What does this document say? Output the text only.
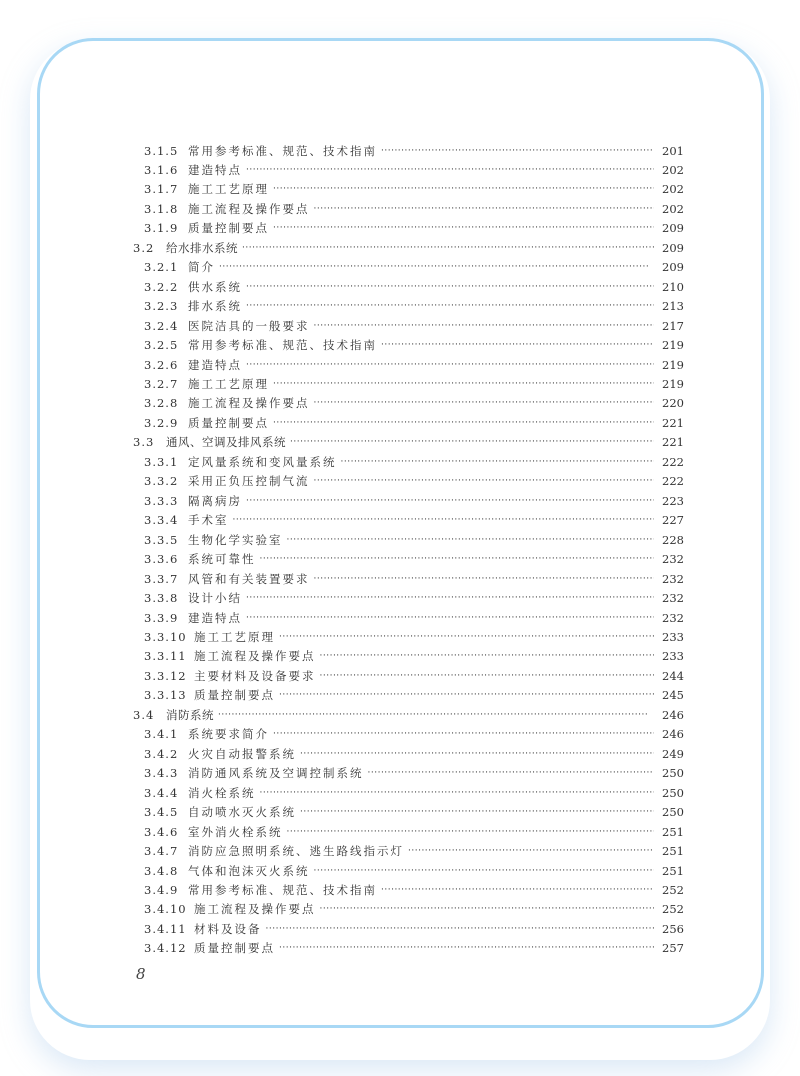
3.1.5 常用参考标准、规范、技术指南 ·····	201
3.1.6 建造特点 ·····	202
3.1.7 施工工艺原理 ·····	202
3.1.8 施工流程及操作要点 ·····	202
3.1.9 质量控制要点 ·····	209
3.2	给水排水系统 ·····	209
3.2.1 简介 ·····	209
3.2.2 供水系统 ·····	210
3.2.3 排水系统 ·····	213
3.2.4 医院洁具的一般要求 ·····	217
3.2.5 常用参考标准、规范、技术指南 ·····	219
3.2.6 建造特点 ·····	219
3.2.7 施工工艺原理 ·····	219
3.2.8 施工流程及操作要点 ·····	220
3.2.9 质量控制要点 ·····	221
3.3	通风、空调及排风系统 ·····	221
3.3.1 定风量系统和变风量系统 ·····	222
3.3.2 采用正负压控制气流 ·····	222
3.3.3 隔离病房 ·····	223
3.3.4 手术室 ·····	227
3.3.5 生物化学实验室 ·····	228
3.3.6 系统可靠性 ·····	232
3.3.7 风管和有关装置要求 ·····	232
3.3.8 设计小结 ·····	232
3.3.9 建造特点 ·····	232
3.3.10 施工工艺原理 ·····	233
3.3.11 施工流程及操作要点 ·····	233
3.3.12 主要材料及设备要求 ·····	244
3.3.13 质量控制要点 ·····	245
3.4	消防系统 ·····	246
3.4.1 系统要求简介 ·····	246
3.4.2 火灾自动报警系统 ·····	249
3.4.3 消防通风系统及空调控制系统 ·····	250
3.4.4 消火栓系统 ·····	250
3.4.5 自动喷水灭火系统 ·····	250
3.4.6 室外消火栓系统 ·····	251
3.4.7 消防应急照明系统、逃生路线指示灯 ·····	251
3.4.8 气体和泡沫灭火系统 ·····	251
3.4.9 常用参考标准、规范、技术指南 ·····	252
3.4.10 施工流程及操作要点 ·····	252
3.4.11 材料及设备 ·····	256
3.4.12 质量控制要点 ·····	257
8
